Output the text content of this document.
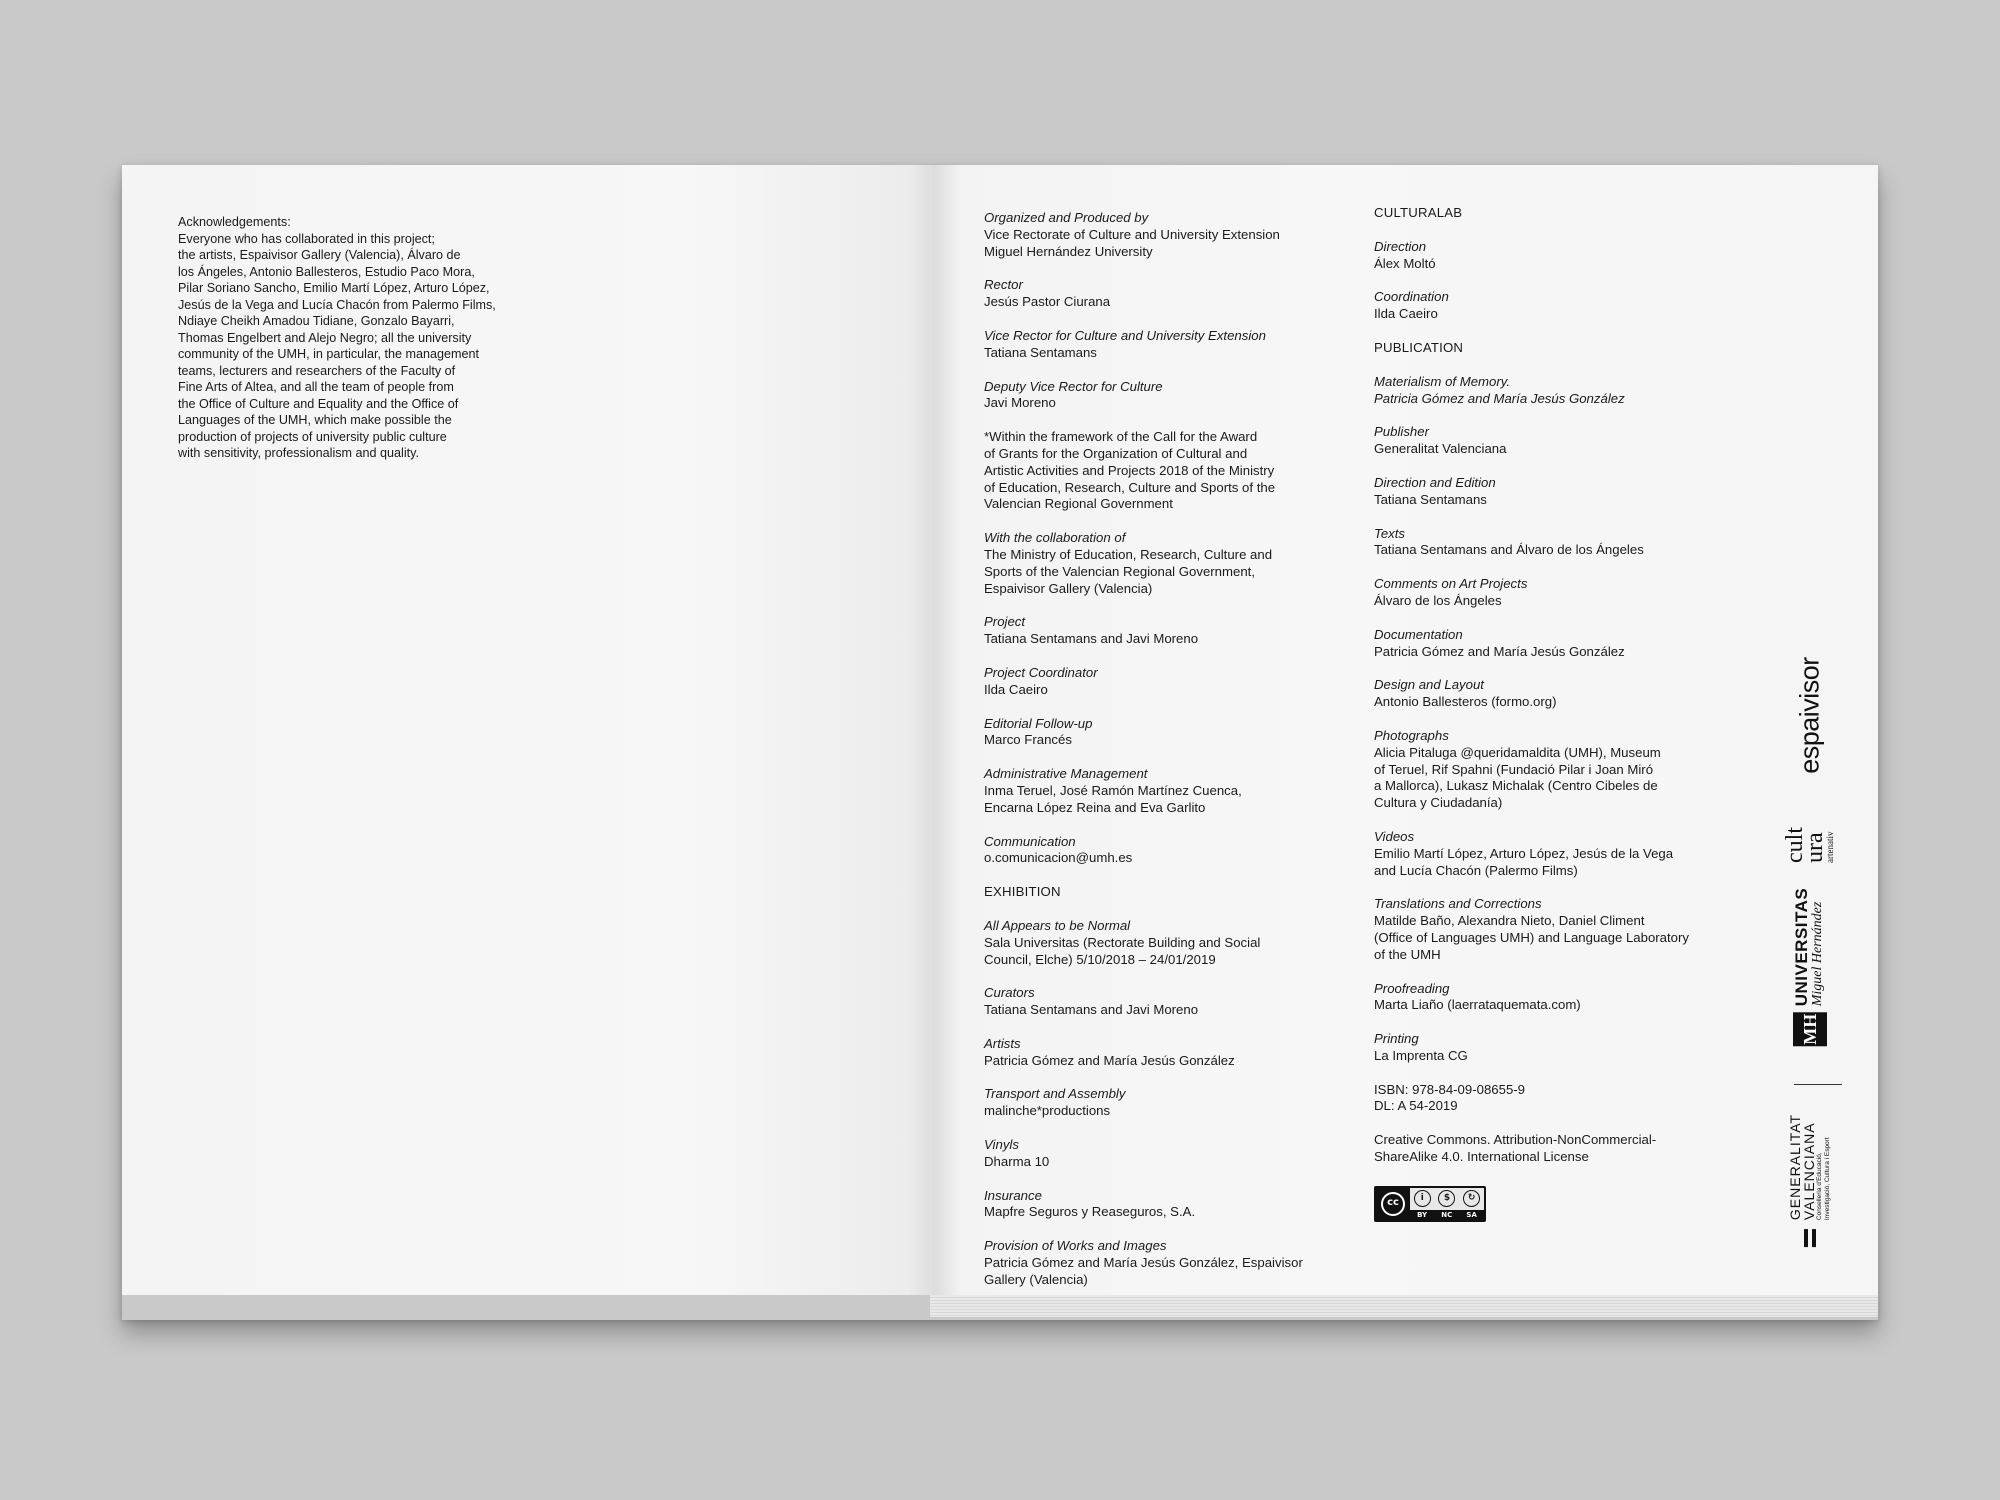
Acknowledgements:

Everyone who has collaborated in this project;

the artists, Espaivisor Gallery (Valencia), Álvaro de

los Ángeles, Antonio Ballesteros, Estudio Paco Mora,

Pilar Soriano Sancho, Emilio Martí López, Arturo López,

Jesús de la Vega and Lucía Chacón from Palermo Films,

Ndiaye Cheikh Amadou Tidiane, Gonzalo Bayarri,

Thomas Engelbert and Alejo Negro; all the university

community of the UMH, in particular, the management

teams, lecturers and researchers of the Faculty of

Fine Arts of Altea, and all the team of people from

the Office of Culture and Equality and the Office of

Languages of the UMH, which make possible the

production of projects of university public culture

with sensitivity, professionalism and quality.

Organized and Produced by
Vice Rectorate of Culture and University Extension
Miguel Hernández University
Rector
Jesús Pastor Ciurana
Vice Rector for Culture and University Extension
Tatiana Sentamans
Deputy Vice Rector for Culture
Javi Moreno
*Within the framework of the Call for the Award
of Grants for the Organization of Cultural and
Artistic Activities and Projects 2018 of the Ministry
of Education, Research, Culture and Sports of the
Valencian Regional Government
With the collaboration of
The Ministry of Education, Research, Culture and
Sports of the Valencian Regional Government,
Espaivisor Gallery (Valencia)
Project
Tatiana Sentamans and Javi Moreno
Project Coordinator
Ilda Caeiro
Editorial Follow-up
Marco Francés
Administrative Management
Inma Teruel, José Ramón Martínez Cuenca,
Encarna López Reina and Eva Garlito
Communication
o.comunicacion@umh.es
EXHIBITION
All Appears to be Normal
Sala Universitas (Rectorate Building and Social
Council, Elche) 5/10/2018 – 24/01/2019
Curators
Tatiana Sentamans and Javi Moreno
Artists
Patricia Gómez and María Jesús González
Transport and Assembly
malinche*productions
Vinyls
Dharma 10
Insurance
Mapfre Seguros y Reaseguros, S.A.
Provision of Works and Images
Patricia Gómez and María Jesús González, Espaivisor
Gallery (Valencia)
CULTURALAB
Direction
Álex Moltó
Coordination
Ilda Caeiro
PUBLICATION
Materialism of Memory.
Patricia Gómez and María Jesús González
Publisher
Generalitat Valenciana
Direction and Edition
Tatiana Sentamans
Texts
Tatiana Sentamans and Álvaro de los Ángeles
Comments on Art Projects
Álvaro de los Ángeles
Documentation
Patricia Gómez and María Jesús González
Design and Layout
Antonio Ballesteros (formo.org)
Photographs
Alicia Pitaluga @queridamaldita (UMH), Museum
of Teruel, Rif Spahni (Fundació Pilar i Joan Miró
a Mallorca), Lukasz Michalak (Centro Cibeles de
Cultura y Ciudadanía)
Videos
Emilio Martí López, Arturo López, Jesús de la Vega
and Lucía Chacón (Palermo Films)
Translations and Corrections
Matilde Baño, Alexandra Nieto, Daniel Climent
(Office of Languages UMH) and Language Laboratory
of the UMH
Proofreading
Marta Liaño (laerrataquemata.com)
Printing
La Imprenta CG
ISBN: 978-84-09-08655-9
DL: A 54-2019
Creative Commons. Attribution-NonCommercial-
ShareAlike 4.0. International License
cc	i	$	↻
BY NC SA
espaivisor
cult
ura
artenativ
MH
UNIVERSITAS Miguel Hernández
GENERALITAT
VALENCIANA Conselleria d'Educació, Investigació, Cultura i Esport
